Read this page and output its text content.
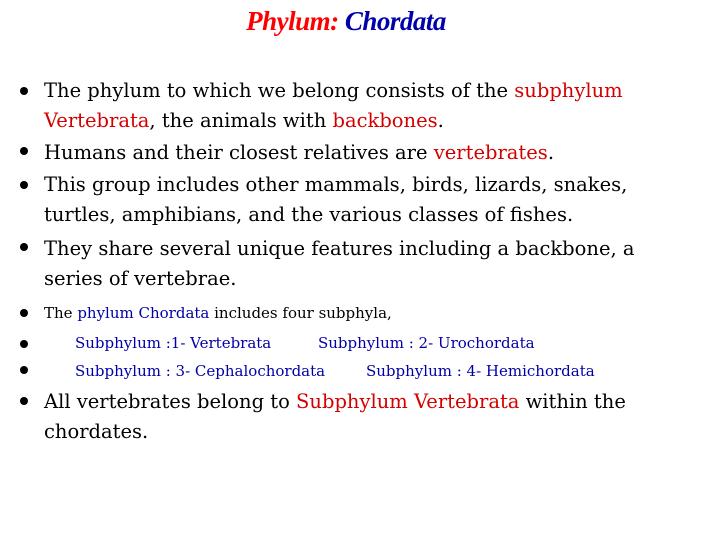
Phylum: Chordata
The phylum to which we belong consists of the subphylum
Vertebrata, the animals with backbones.
Humans and their closest relatives are vertebrates.
This group includes other mammals, birds, lizards, snakes, turtles, amphibians, and the various classes of fishes.
They share several unique features including a backbone, a series of vertebrae.
The phylum Chordata includes four subphyla,
Subphylum :1- Vertebrata	Subphylum : 2- Urochordata
Subphylum : 3- Cephalochordata	Subphylum : 4- Hemichordata
All vertebrates belong to Subphylum Vertebrata within the chordates.
